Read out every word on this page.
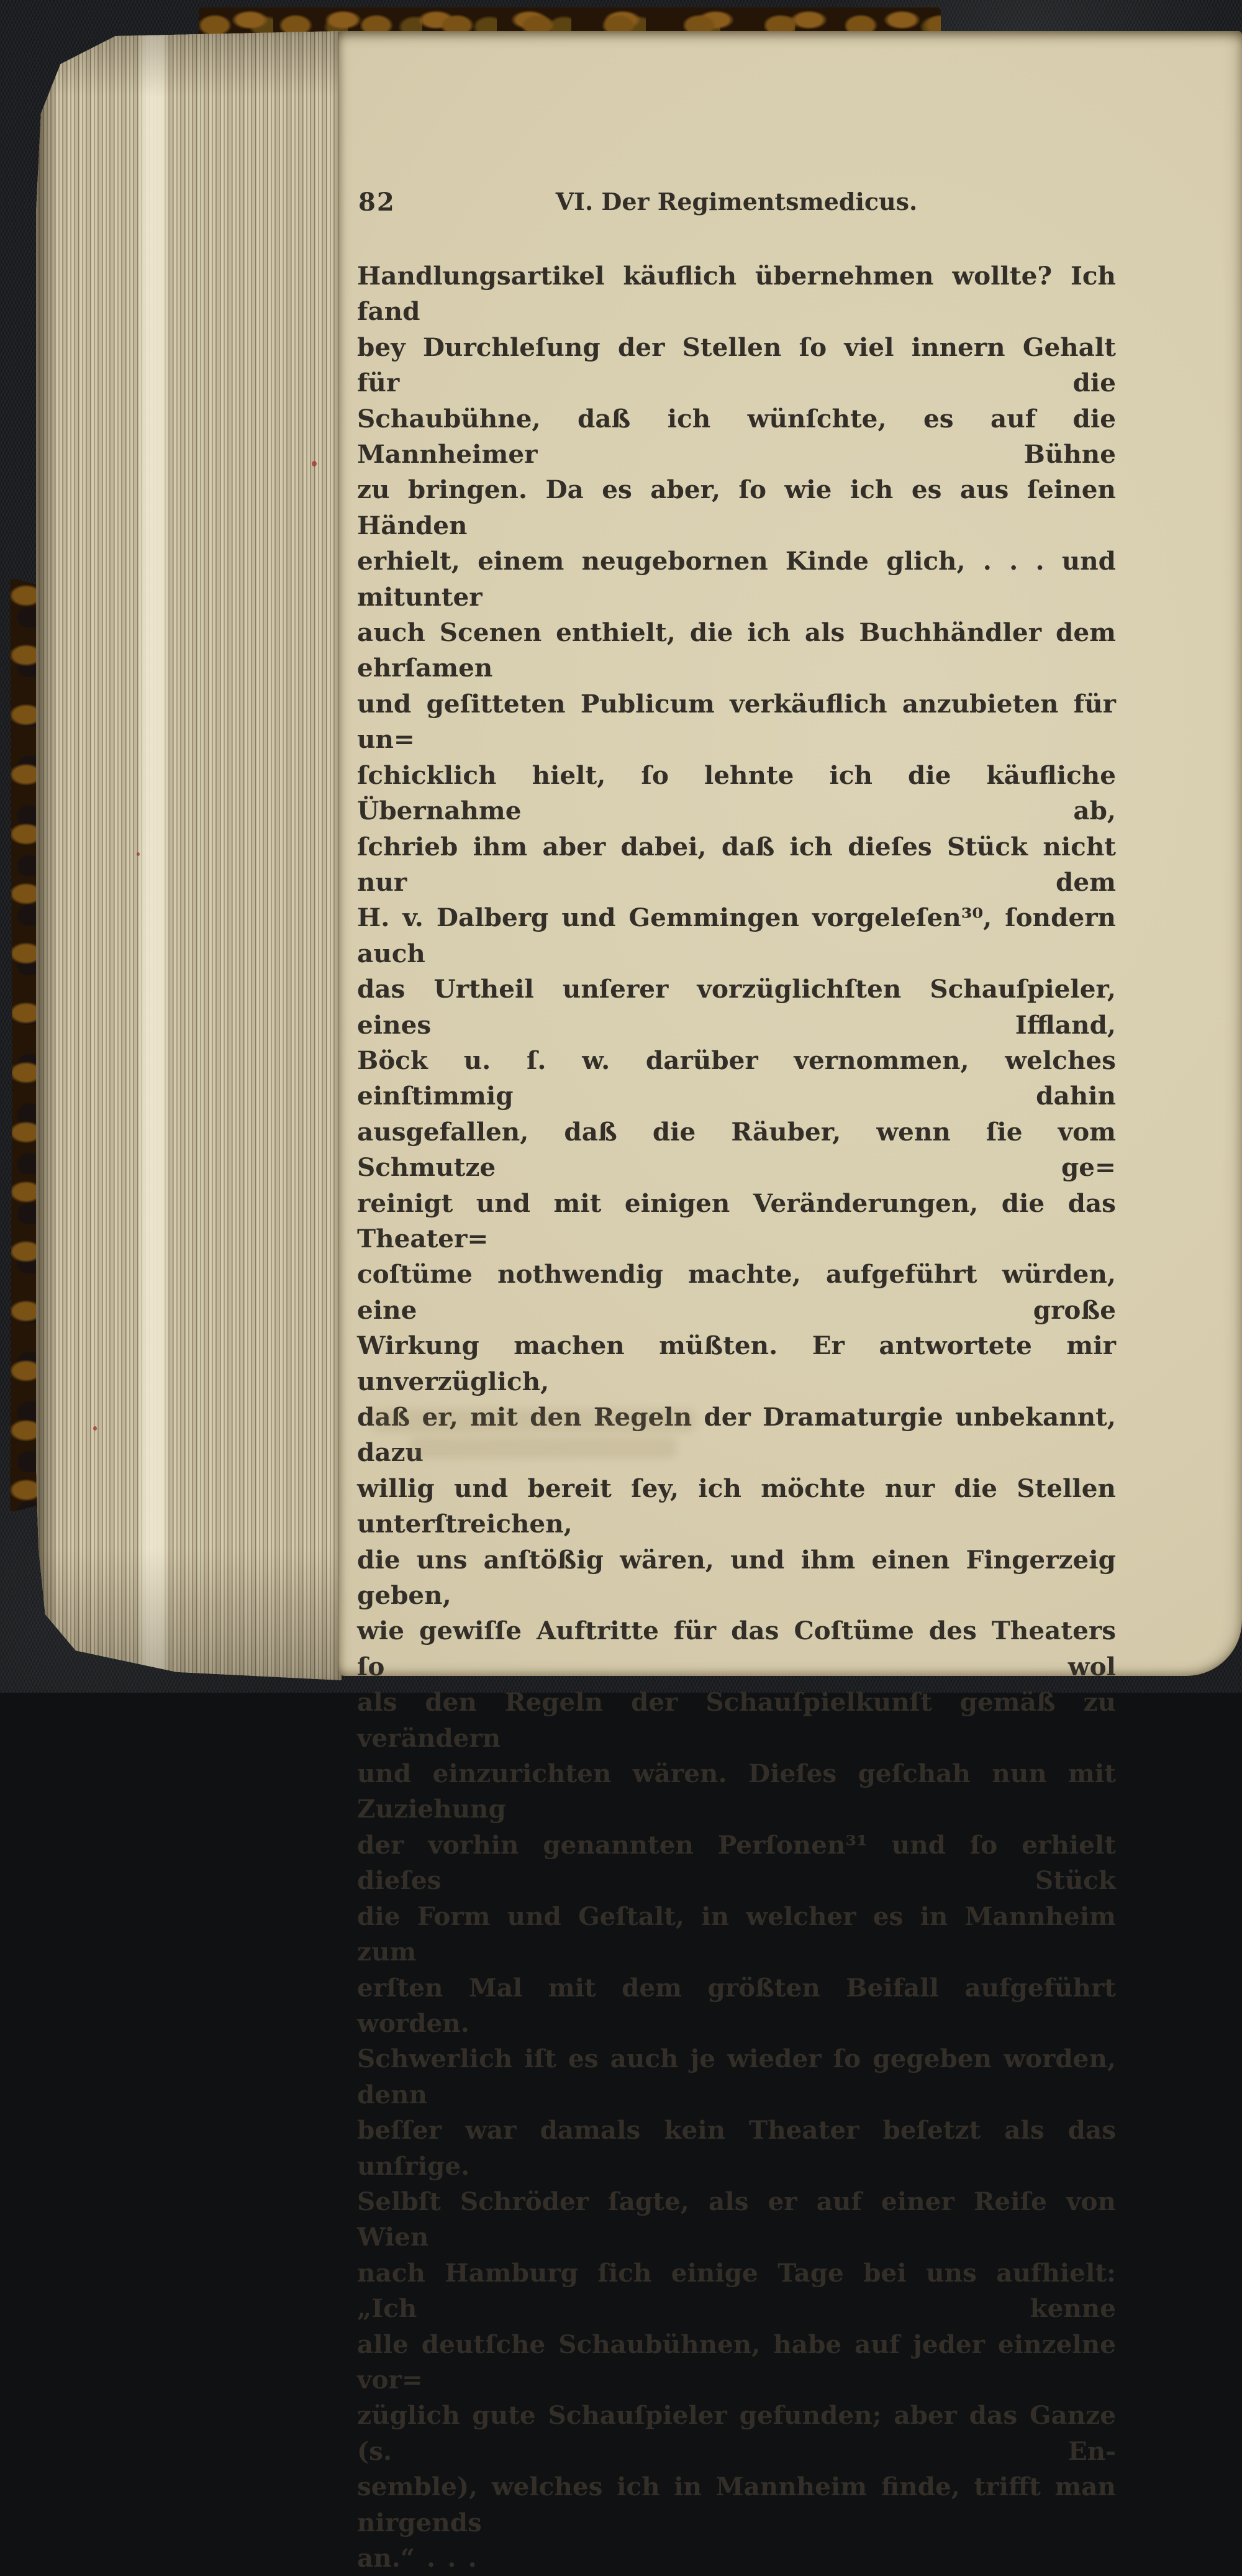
82	VI. Der Regimentsmedicus.
Handlungsartikel käuflich übernehmen wollte? Ich fand
bey Durchleſung der Stellen ſo viel innern Gehalt für die
Schaubühne, daß ich wünſchte, es auf die Mannheimer Bühne
zu bringen. Da es aber, ſo wie ich es aus ſeinen Händen
erhielt, einem neugebornen Kinde glich, . . . und mitunter
auch Scenen enthielt, die ich als Buchhändler dem ehrſamen
und geſitteten Publicum verkäuflich anzubieten für un=
ſchicklich hielt, ſo lehnte ich die käufliche Übernahme ab,
ſchrieb ihm aber dabei, daß ich dieſes Stück nicht nur dem
H. v. Dalberg und Gemmingen vorgeleſen³⁰, ſondern auch
das Urtheil unſerer vorzüglichſten Schauſpieler, eines Iffland,
Böck u. ſ. w. darüber vernommen, welches einſtimmig dahin
ausgefallen, daß die Räuber, wenn ſie vom Schmutze ge=
reinigt und mit einigen Veränderungen, die das Theater=
coſtüme nothwendig machte, aufgeführt würden, eine große
Wirkung machen müßten. Er antwortete mir unverzüglich,
daß er, mit den Regeln der Dramaturgie unbekannt, dazu
willig und bereit ſey, ich möchte nur die Stellen unterſtreichen,
die uns anſtößig wären, und ihm einen Fingerzeig geben,
wie gewiſſe Auftritte für das Coſtüme des Theaters ſo wol
als den Regeln der Schauſpielkunſt gemäß zu verändern
und einzurichten wären. Dieſes geſchah nun mit Zuziehung
der vorhin genannten Perſonen³¹ und ſo erhielt dieſes Stück
die Form und Geſtalt, in welcher es in Mannheim zum
erſten Mal mit dem größten Beifall aufgeführt worden.
Schwerlich iſt es auch je wieder ſo gegeben worden, denn
beſſer war damals kein Theater beſetzt als das unſrige.
Selbſt Schröder ſagte, als er auf einer Reiſe von Wien
nach Hamburg ſich einige Tage bei uns aufhielt: „Ich kenne
alle deutſche Schaubühnen, habe auf jeder einzelne vor=
züglich gute Schauſpieler gefunden; aber das Ganze (s. En-
semble), welches ich in Mannheim finde, trifft man nirgends
an.“ . . .
